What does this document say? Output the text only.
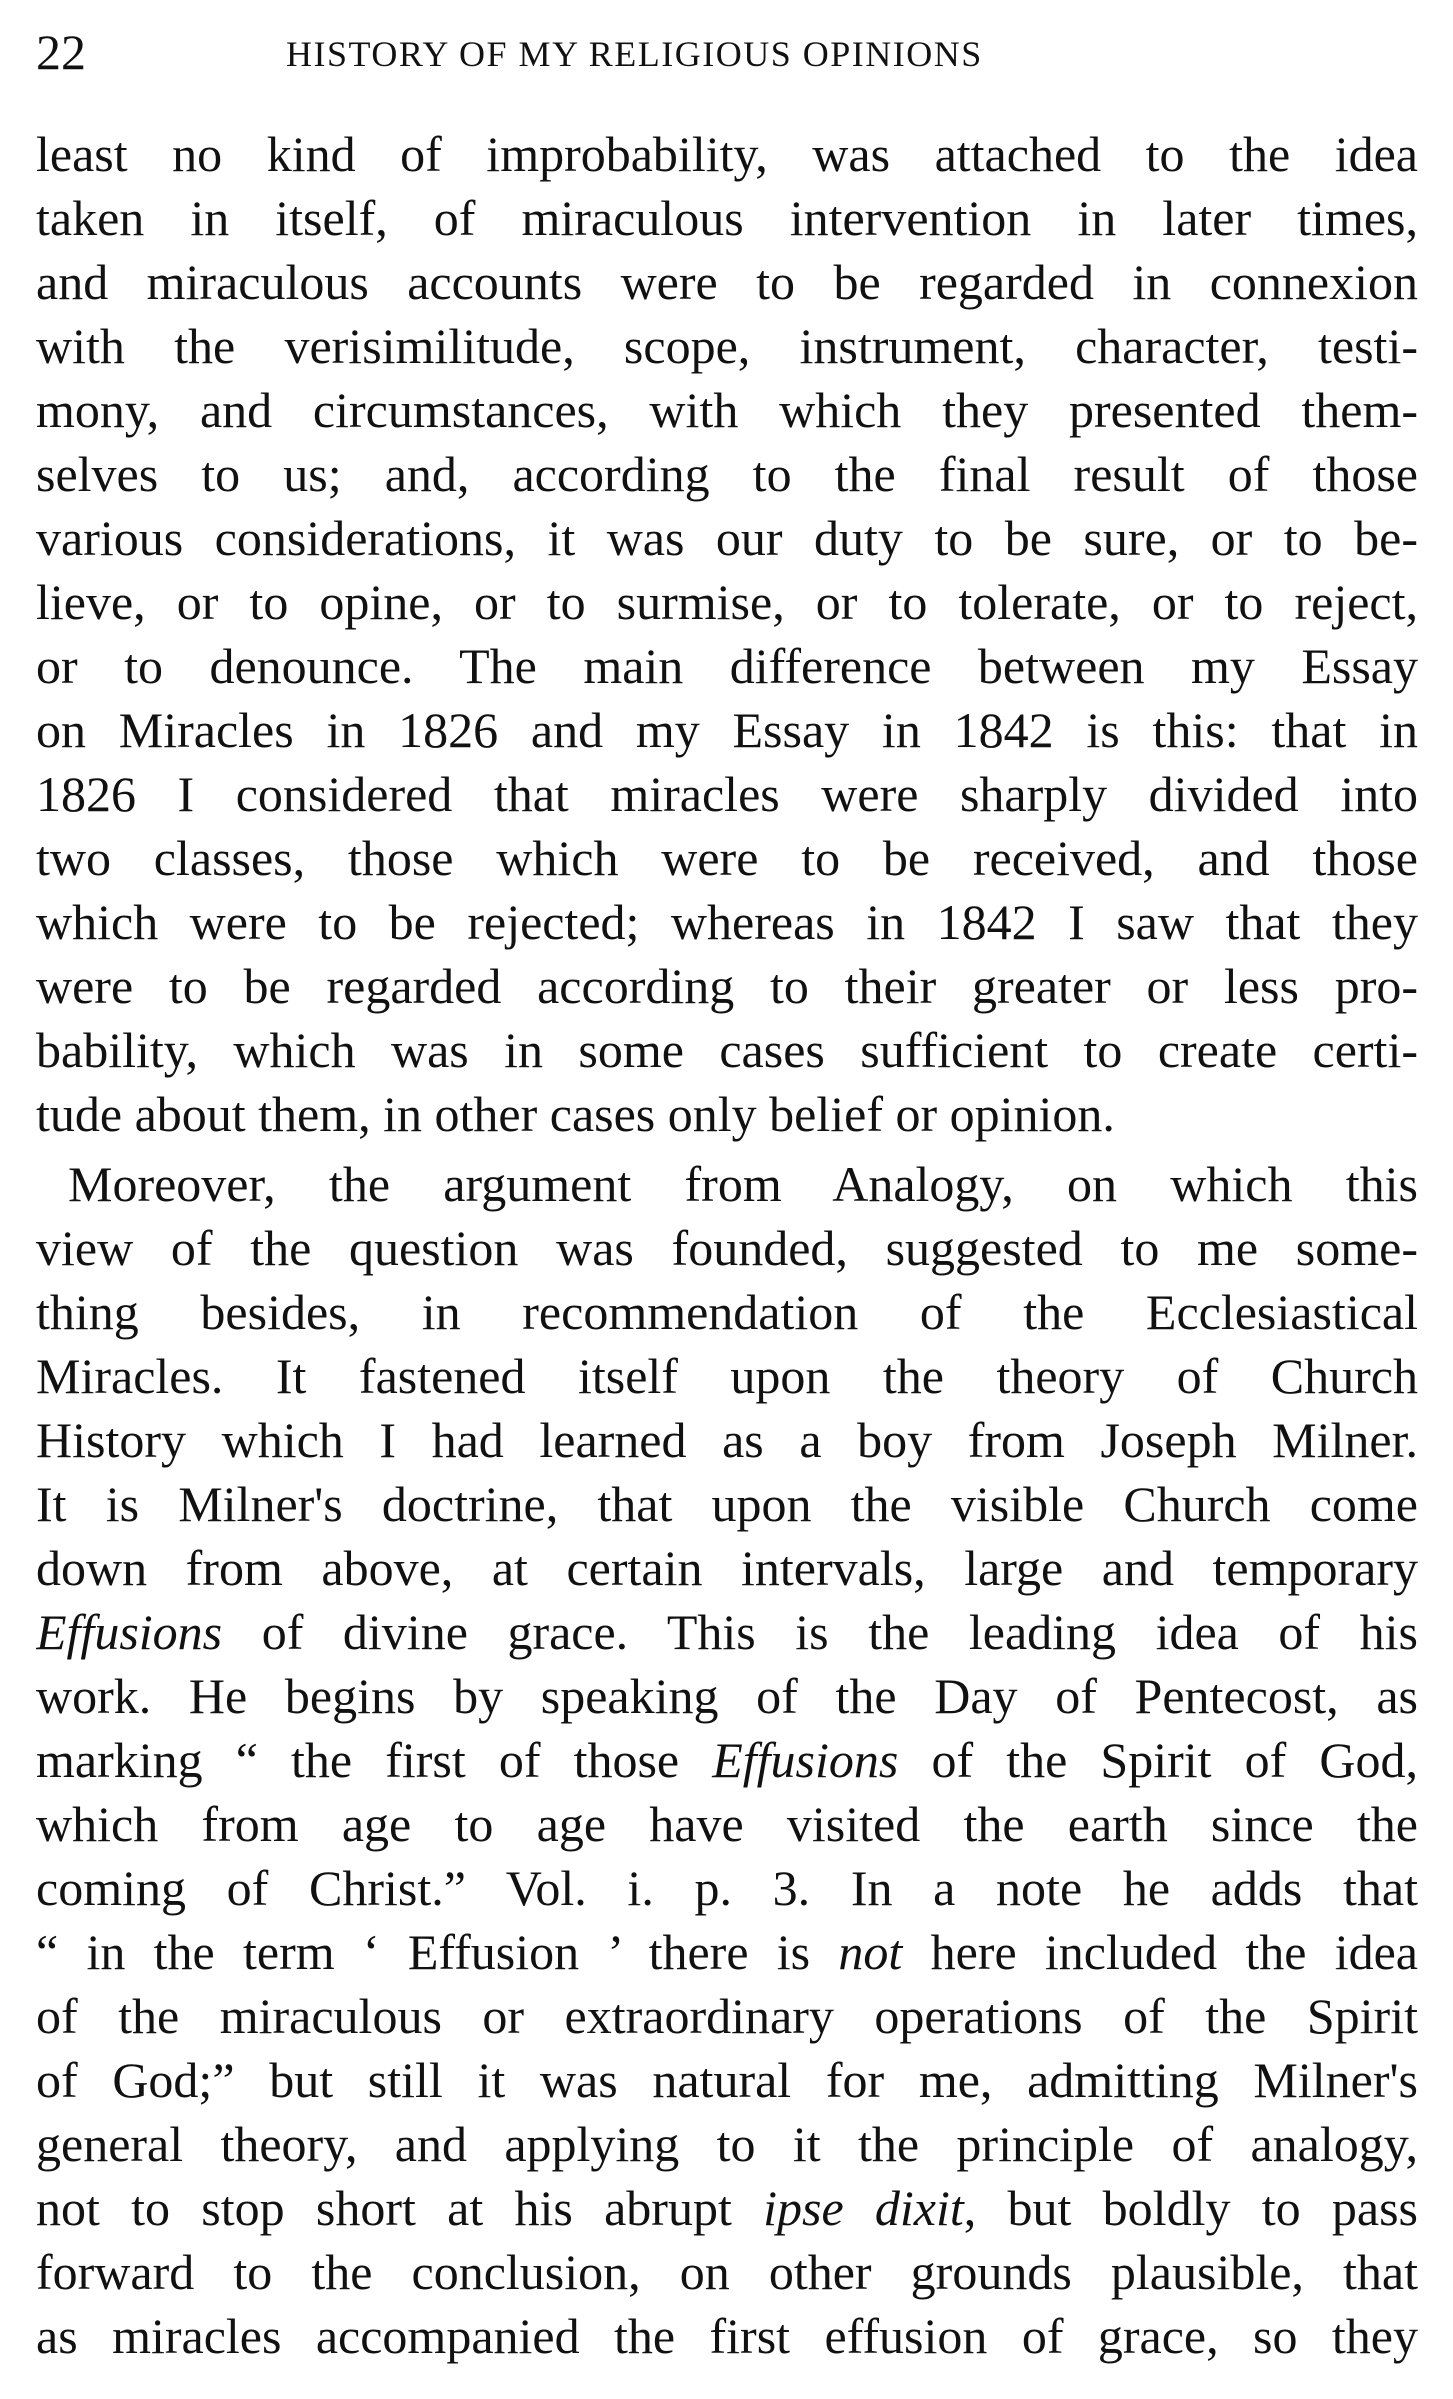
22	HISTORY OF MY RELIGIOUS OPINIONS
least no kind of improbability, was attached to the idea
taken in itself, of miraculous intervention in later times,
and miraculous accounts were to be regarded in connexion
with the verisimilitude, scope, instrument, character, testi-
mony, and circumstances, with which they presented them-
selves to us; and, according to the final result of those
various considerations, it was our duty to be sure, or to be-
lieve, or to opine, or to surmise, or to tolerate, or to reject,
or to denounce. The main difference between my Essay
on Miracles in 1826 and my Essay in 1842 is this: that in
1826 I considered that miracles were sharply divided into
two classes, those which were to be received, and those
which were to be rejected; whereas in 1842 I saw that they
were to be regarded according to their greater or less pro-
bability, which was in some cases sufficient to create certi-
tude about them, in other cases only belief or opinion.
Moreover, the argument from Analogy, on which this
view of the question was founded, suggested to me some-
thing besides, in recommendation of the Ecclesiastical
Miracles. It fastened itself upon the theory of Church
History which I had learned as a boy from Joseph Milner.
It is Milner's doctrine, that upon the visible Church come
down from above, at certain intervals, large and temporary
Effusions of divine grace. This is the leading idea of his
work. He begins by speaking of the Day of Pentecost, as
marking “ the first of those Effusions of the Spirit of God,
which from age to age have visited the earth since the
coming of Christ.” Vol. i. p. 3. In a note he adds that
“ in the term ‘ Effusion ’ there is not here included the idea
of the miraculous or extraordinary operations of the Spirit
of God;” but still it was natural for me, admitting Milner's
general theory, and applying to it the principle of analogy,
not to stop short at his abrupt ipse dixit, but boldly to pass
forward to the conclusion, on other grounds plausible, that
as miracles accompanied the first effusion of grace, so they
